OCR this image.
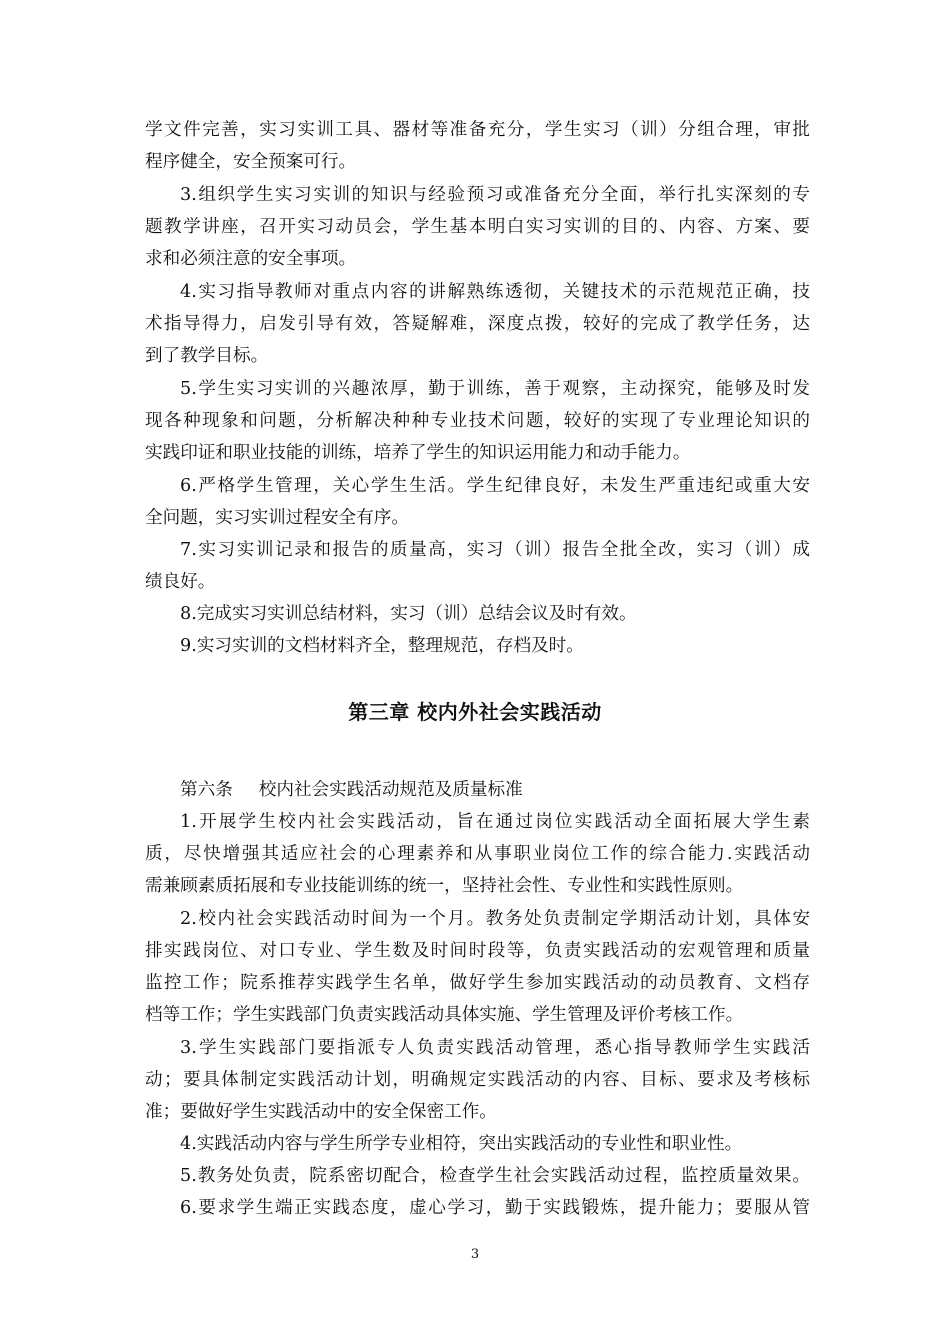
学文件完善，实习实训工具、器材等准备充分，学生实习（训）分组合理，审批
程序健全，安全预案可行。
3.组织学生实习实训的知识与经验预习或准备充分全面，举行扎实深刻的专
题教学讲座，召开实习动员会，学生基本明白实习实训的目的、内容、方案、要
求和必须注意的安全事项。
4.实习指导教师对重点内容的讲解熟练透彻，关键技术的示范规范正确，技
术指导得力，启发引导有效，答疑解难，深度点拨，较好的完成了教学任务，达
到了教学目标。
5.学生实习实训的兴趣浓厚，勤于训练，善于观察，主动探究，能够及时发
现各种现象和问题，分析解决种种专业技术问题，较好的实现了专业理论知识的
实践印证和职业技能的训练，培养了学生的知识运用能力和动手能力。
6.严格学生管理，关心学生生活。学生纪律良好，未发生严重违纪或重大安
全问题，实习实训过程安全有序。
7.实习实训记录和报告的质量高，实习（训）报告全批全改，实习（训）成
绩良好。
8.完成实习实训总结材料，实习（训）总结会议及时有效。
9.实习实训的文档材料齐全，整理规范，存档及时。
第三章 校内外社会实践活动
第六条 校内社会实践活动规范及质量标准
1.开展学生校内社会实践活动，旨在通过岗位实践活动全面拓展大学生素
质，尽快增强其适应社会的心理素养和从事职业岗位工作的综合能力.实践活动
需兼顾素质拓展和专业技能训练的统一，坚持社会性、专业性和实践性原则。
2.校内社会实践活动时间为一个月。教务处负责制定学期活动计划，具体安
排实践岗位、对口专业、学生数及时间时段等，负责实践活动的宏观管理和质量
监控工作；院系推荐实践学生名单，做好学生参加实践活动的动员教育、文档存
档等工作；学生实践部门负责实践活动具体实施、学生管理及评价考核工作。
3.学生实践部门要指派专人负责实践活动管理，悉心指导教师学生实践活
动；要具体制定实践活动计划，明确规定实践活动的内容、目标、要求及考核标
准；要做好学生实践活动中的安全保密工作。
4.实践活动内容与学生所学专业相符，突出实践活动的专业性和职业性。
5.教务处负责，院系密切配合，检查学生社会实践活动过程，监控质量效果。
6.要求学生端正实践态度，虚心学习，勤于实践锻炼，提升能力；要服从管
3
